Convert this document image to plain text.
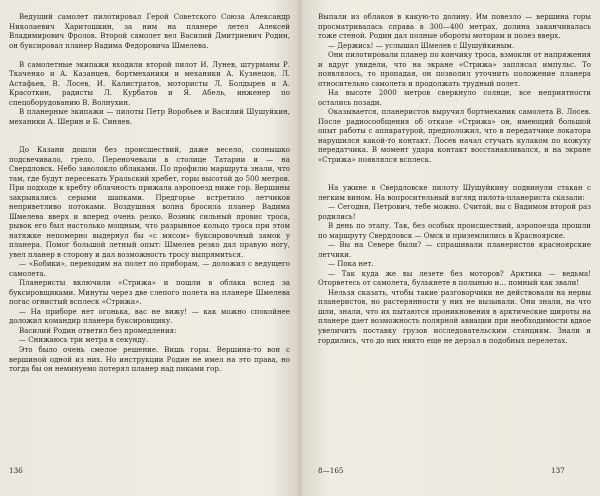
Ведущий самолет пилотировал Герой Советского Союза Александр Николаевич Харитошкин, за ним на планере летел Алексей Владимирович Фролов. Второй самолет вел Василий Дмитриевич Родин, он буксировал планер Вадима Федоровича Шмелева.

В самолетные экипажи входили второй пилот И. Лунев, штурманы Р. Ткаченко и А. Казанцев, бортмеханики и механики А. Кузнецов, Л. Астафьев, В. Лосев, И. Калистратов, мотористы Л. Болдырев и А. Красоткин, радисты Л. Курбатов и Я. Абель, инженер по спецоборудованию В. Волнухин.

В планерные экипажи — пилоты Петр Воробьев и Василий Шушуйкин, механики А. Шерин и Б. Синяев.

До Казани дошли без происшествий, даже весело, солнышко подсвечивало, грело. Переночевали в столице Татарии и — на Свердловск. Небо заволокло облаками. По профилю маршрута знали, что там, где будут пересекать Уральский хребет, горы высотой до 500 метров. При подходе к хребту облачность прижала аэропоезд ниже гор. Вершины закрывались серыми шапками. Предгорье встретило летчиков неприветливо потоками. Воздушная волна бросила планер Вадима Шмелева вверх и вперед очень резко. Возник сильный провис троса, рывок его был настолько мощным, что разрывное кольцо троса при этом натяжке непомерно выдернул бы «с мясом» буксировочный замок у планера. Помог большой летный опыт: Шмелев резко дал правую ногу, увел планер в сторону и дал возможность тросу выпрямиться.

— «Бобики», переходим на полет по приборам, — доложил с ведущего самолета.

Планеристы включили «Стрижа» и пошли в облака вслед за буксировщиками. Минуты через две слепого полета на планере Шмелева погас огнистый всплеск «Стрижа».

— На приборе нет огонька, вас не вижу! — как можно спокойнее доложил командир планера буксировщику.

Василий Родин ответил без промедления:

— Снижаюсь три метра в секунду.

Это было очень смелое решение. Вишь горы. Вершина-то вон с вершиной одной из них. Но инструкции Родин не имел на это права, но тогда бы он неминуемо потерял планер над пиками гор.

136

Выпали из облаков в какую-то долину. Им повезло — вершина горы просматривалась справа в 300—400 метрах, долина заканчивалась тоже стеной. Родин дал полные обороты моторам и полез вверх.

— Держись! — услышал Шмелев с Шушуйкиным.

Они пилотировали планер по кончику троса, взмокли от напряжения и вдруг увидели, что на экране «Стрижа» заплясал импульс. То появлялось, то пропадая, он позволил уточнить положение планера относительно самолета и продолжать трудный полет.

На высоте 2000 метров сверкнуло солнце, все неприятности остались позади.

Оказывается, планеристов выручил бортмеханик самолета В. Лосев. После радиосообщения об отказе «Стрижа» он, имеющий большой опыт работы с аппаратурой, предположил, что в передатчике локатора нарушился какой-то контакт. Лосев начал стучать кулаком по кожуху передатчика. В момент удара контакт восстанавливался, и на экране «Стрижа» появлялся всплеск.

На ужине в Свердловске пилоту Шушуйкину подвинули стакан с легким вином. На вопросительный взгляд пилота-планериста сказали:

— Сегодня, Петрович, тебе можно. Считай, вы с Вадимом второй раз родились!

В день по этапу. Так, без особых происшествий, аэропоезда прошли по маршруту Свердловск — Омск и приземлились в Красноярске.

— Вы на Севере были? — спрашивали планеристов красноярские летчики.

— Пока нет.

— Так куда же вы лезете без моторов? Арктика — ведьма! Оторветесь от самолета, булькнете в полынью и... помный как звали!

Нельзя сказать, чтобы такие разговорчики не действовали на нервы планеристов, но растерянности у них не вызывали. Они знали, на что шли, знали, что их пытаются проникновения в арктические широты на планере дает возможность полярной авиации при необходимости вдвое увеличить поставку грузов исследовательским станциям. Знали и гордились, что до них никто еще не дерзал в подобных перелетах.

8—165	137
